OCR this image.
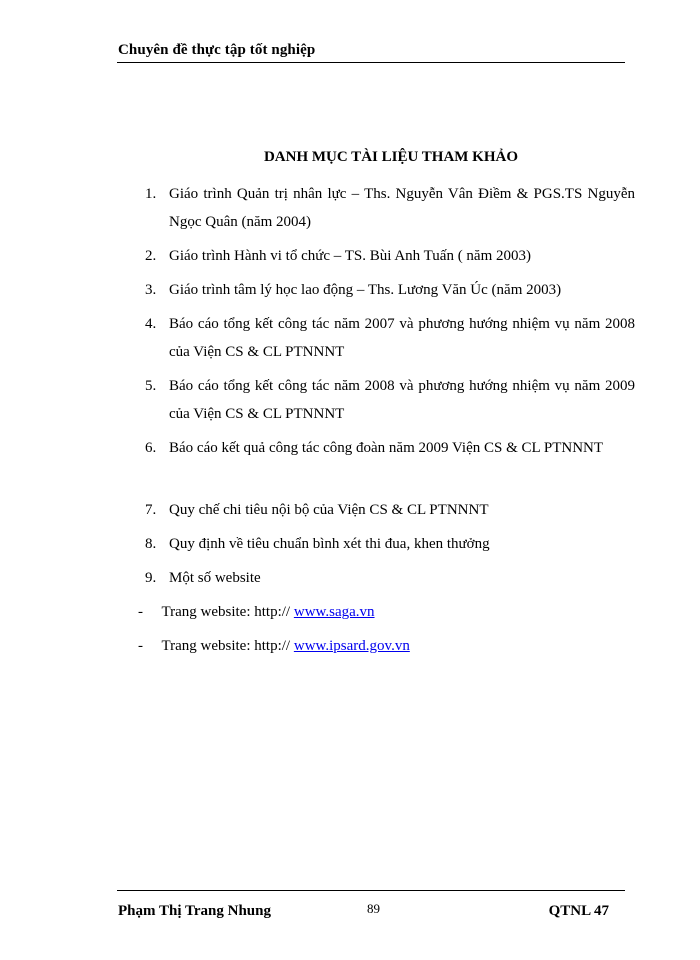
Chuyên đề thực tập tốt nghiệp
DANH MỤC TÀI LIỆU THAM KHẢO
1. Giáo trình Quản trị nhân lực – Ths. Nguyễn Vân Điềm & PGS.TS Nguyễn Ngọc Quân (năm 2004)
2. Giáo trình Hành vi tổ chức – TS. Bùi Anh Tuấn ( năm 2003)
3. Giáo trình tâm lý học lao động – Ths. Lương Văn Úc (năm 2003)
4. Báo cáo tổng kết công tác năm 2007 và phương hướng nhiệm vụ năm 2008 của Viện CS & CL PTNNNT
5. Báo cáo tổng kết công tác năm 2008 và phương hướng nhiệm vụ năm 2009 của Viện CS & CL PTNNNT
6. Báo cáo kết quả công tác công đoàn năm 2009 Viện CS & CL PTNNNT
7. Quy chế chi tiêu nội bộ của Viện CS & CL PTNNNT
8. Quy định về tiêu chuẩn bình xét thi đua, khen thưởng
9. Một số website
- Trang website: http:// www.saga.vn
- Trang website: http:// www.ipsard.gov.vn
Phạm Thị Trang Nhung	89	QTNL 47
